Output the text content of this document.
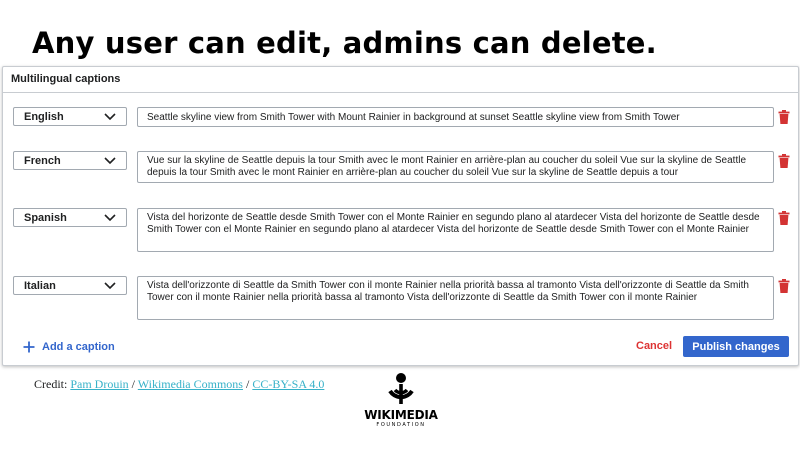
Any user can edit, admins can delete.
Multilingual captions
English	Seattle skyline view from Smith Tower with Mount Rainier in background at sunset Seattle skyline view from Smith Tower
French	Vue sur la skyline de Seattle depuis la tour Smith avec le mont Rainier en arrière-plan au coucher du soleil Vue sur la skyline de Seattle depuis la tour Smith avec le mont Rainier en arrière-plan au coucher du soleil Vue sur la skyline de Seattle depuis a tour
Spanish	Vista del horizonte de Seattle desde Smith Tower con el Monte Rainier en segundo plano al atardecer Vista del horizonte de Seattle desde Smith Tower con el Monte Rainier en segundo plano al atardecer Vista del horizonte de Seattle desde Smith Tower con el Monte Rainier
Italian	Vista dell'orizzonte di Seattle da Smith Tower con il monte Rainier nella priorità bassa al tramonto Vista dell'orizzonte di Seattle da Smith Tower con il monte Rainier nella priorità bassa al tramonto Vista dell'orizzonte di Seattle da Smith Tower con il monte Rainier
Add a caption	Cancel	Publish changes
Credit: Pam Drouin / Wikimedia Commons / CC-BY-SA 4.0
WIKIMEDIA
FOUNDATION
